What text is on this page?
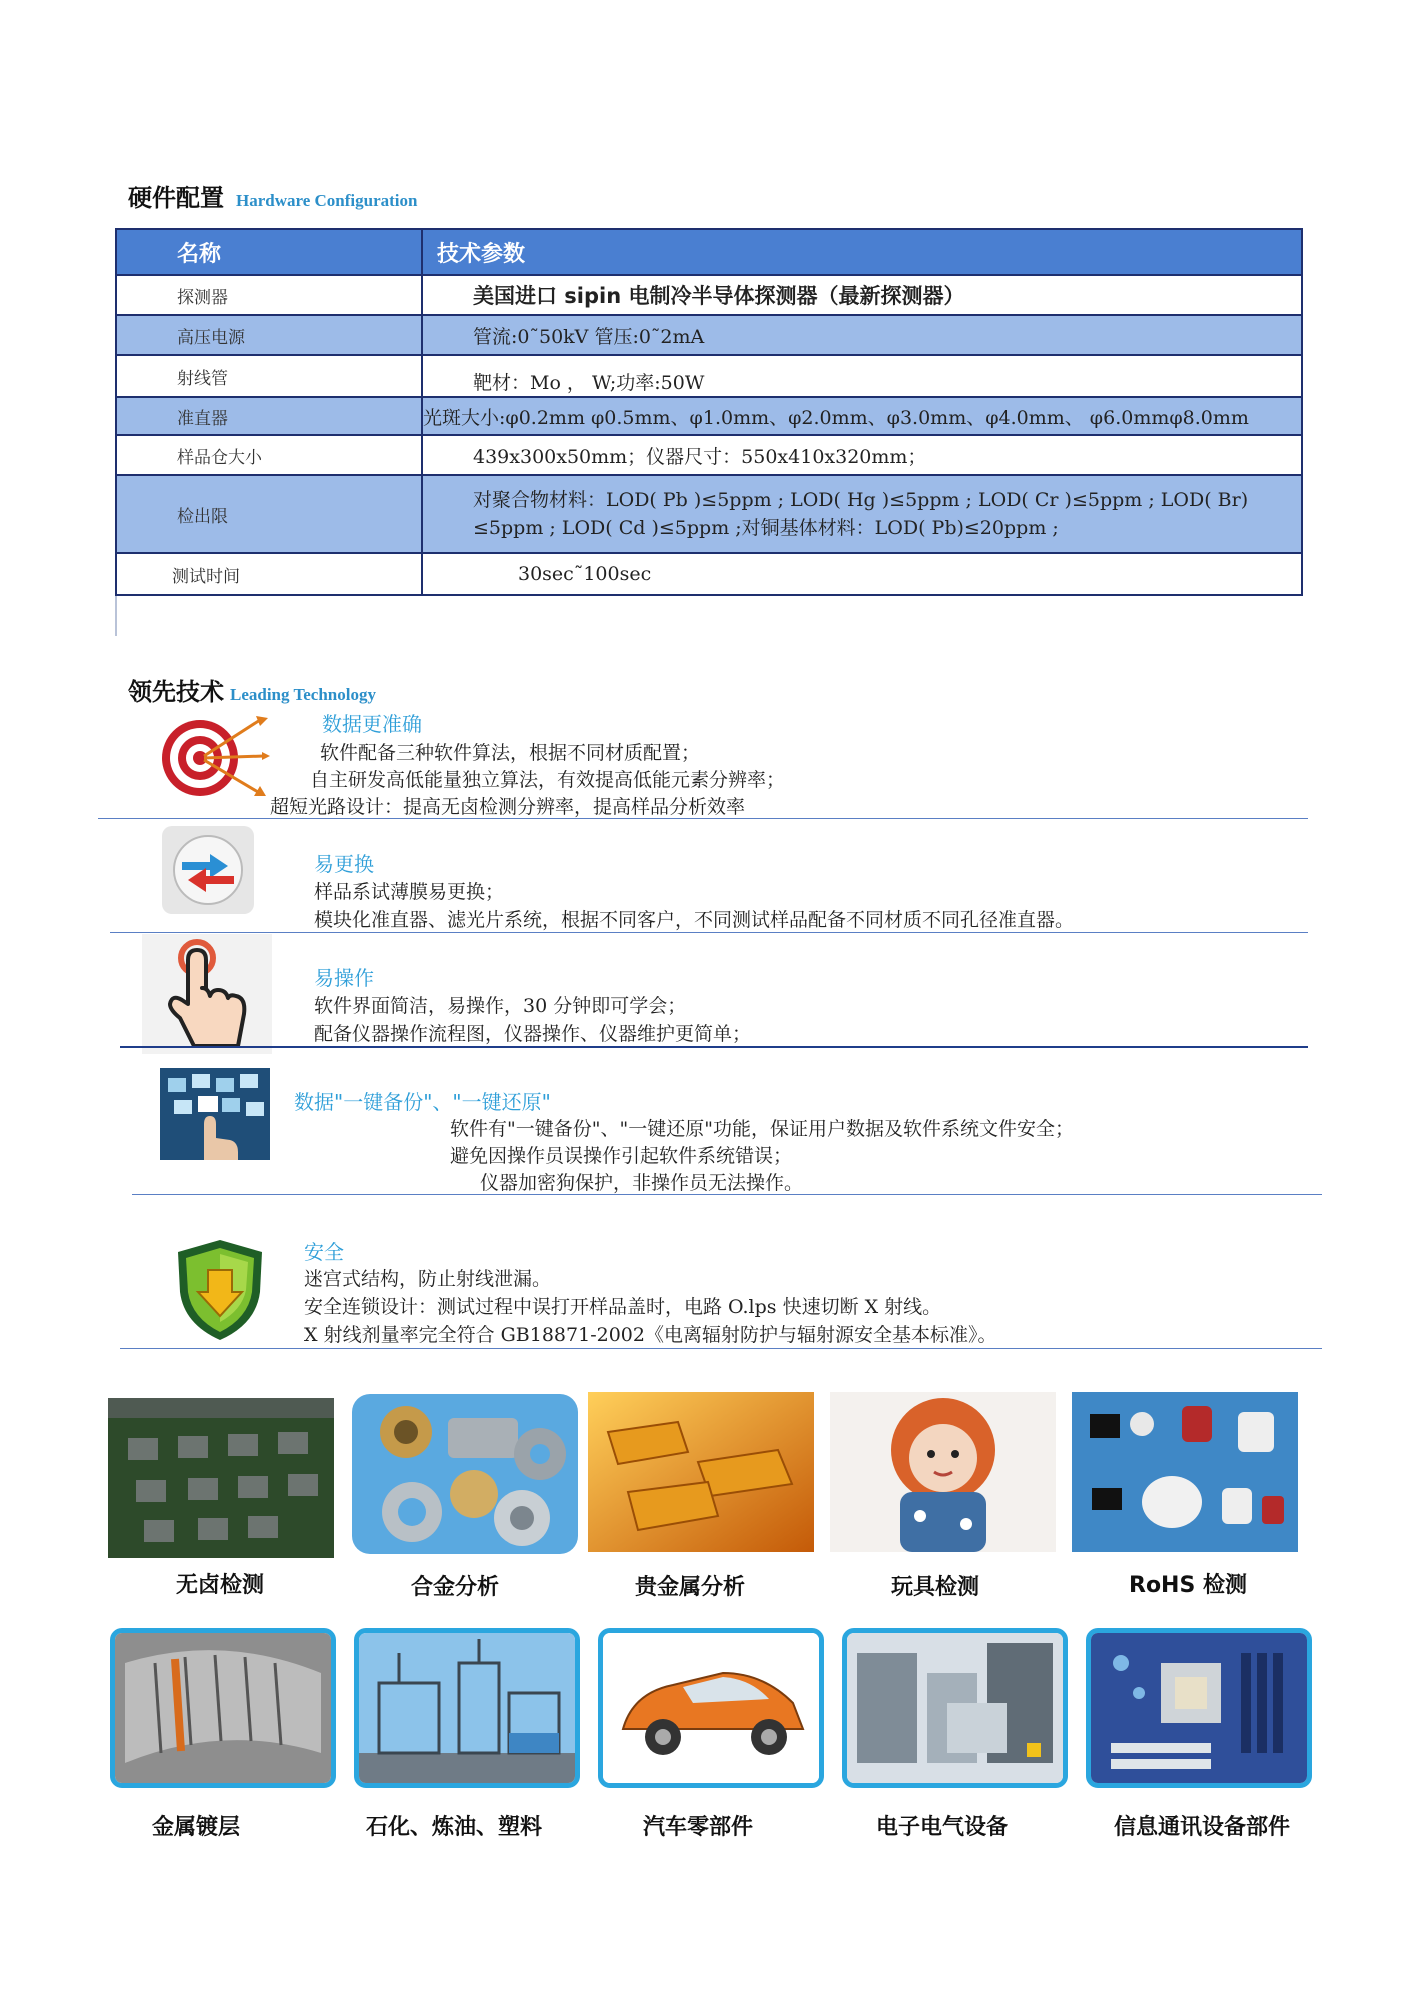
硬件配置 Hardware Configuration
名称	技术参数
探测器	美国进口 sipin 电制冷半导体探测器（最新探测器）
高压电源	管流:0˜50kV 管压:0˜2mA
射线管	靶材：Mo ， W;功率:50W
准直器	光斑大小:φ0.2mm φ0.5mm、φ1.0mm、φ2.0mm、φ3.0mm、φ4.0mm、 φ6.0mmφ8.0mm
样品仓大小	439x300x50mm；仪器尺寸：550x410x320mm；
检出限	对聚合物材料：LOD( Pb )≤5ppm ; LOD( Hg )≤5ppm ; LOD( Cr )≤5ppm ; LOD( Br)
≤5ppm ; LOD( Cd )≤5ppm ;对铜基体材料：LOD( Pb)≤20ppm ;

测试时间	30sec˜100sec
领先技术 Leading Technology
数据更准确
软件配备三种软件算法，根据不同材质配置；
自主研发高低能量独立算法，有效提高低能元素分辨率；
超短光路设计：提高无卤检测分辨率，提高样品分析效率
易更换
样品系试薄膜易更换；
模块化准直器、滤光片系统，根据不同客户，不同测试样品配备不同材质不同孔径准直器。
易操作
软件界面简洁，易操作，30 分钟即可学会；
配备仪器操作流程图，仪器操作、仪器维护更简单；
数据"一键备份"、"一键还原"
软件有"一键备份"、"一键还原"功能，保证用户数据及软件系统文件安全；
避免因操作员误操作引起软件系统错误；
仪器加密狗保护，非操作员无法操作。
安全
迷宫式结构，防止射线泄漏。
安全连锁设计：测试过程中误打开样品盖时，电路 O.lps 快速切断 X 射线。
X 射线剂量率完全符合 GB18871-2002《电离辐射防护与辐射源安全基本标准》。
无卤检测	合金分析	贵金属分析	玩具检测	RoHS 检测
金属镀层	石化、炼油、塑料	汽车零部件	电子电气设备	信息通讯设备部件
